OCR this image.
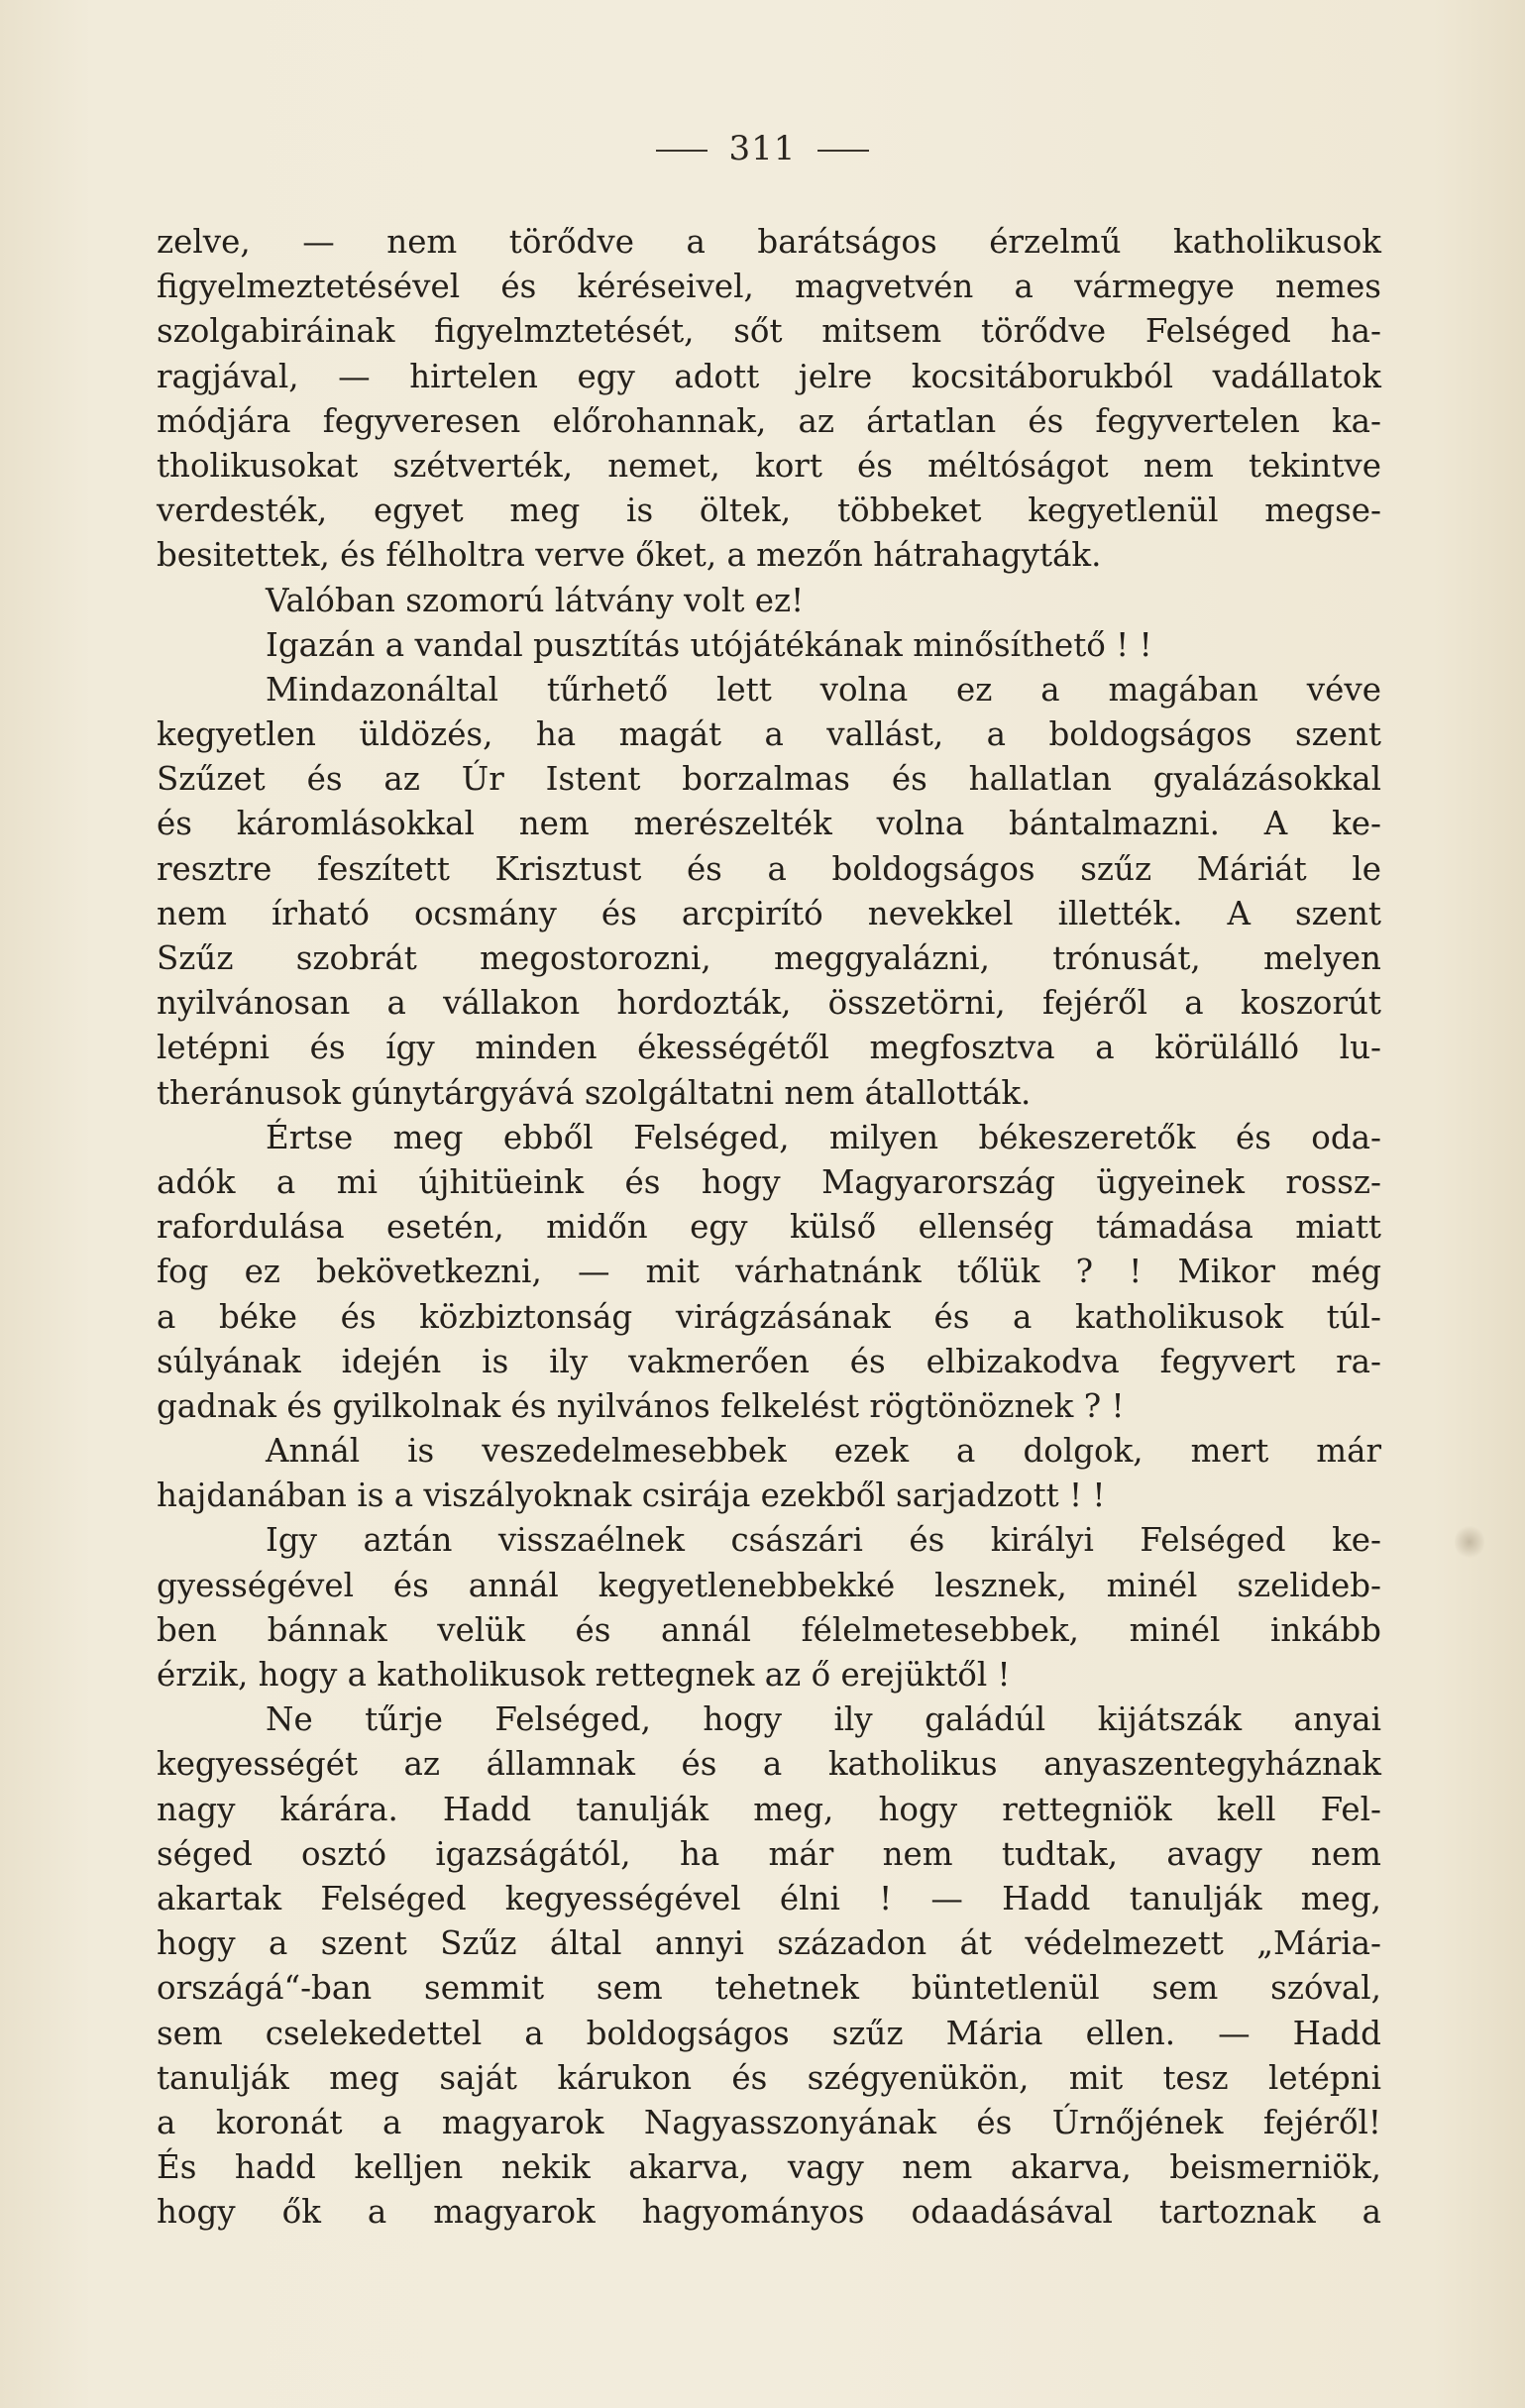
311
zelve, — nem törődve a barátságos érzelmű katholikusok
figyelmeztetésével és kéréseivel, magvetvén a vármegye nemes
szolgabiráinak figyelmztetését, sőt mitsem törődve Felséged ha-
ragjával, — hirtelen egy adott jelre kocsitáborukból vadállatok
módjára fegyveresen előrohannak, az ártatlan és fegyvertelen ka-
tholikusokat szétverték, nemet, kort és méltóságot nem tekintve
verdesték, egyet meg is öltek, többeket kegyetlenül megse-
besitettek, és félholtra verve őket, a mezőn hátrahagyták.
Valóban szomorú látvány volt ez!
Igazán a vandal pusztítás utójátékának minősíthető ! !
Mindazonáltal tűrhető lett volna ez a magában véve
kegyetlen üldözés, ha magát a vallást, a boldogságos szent
Szűzet és az Úr Istent borzalmas és hallatlan gyalázásokkal
és káromlásokkal nem merészelték volna bántalmazni. A ke-
resztre feszített Krisztust és a boldogságos szűz Máriát le
nem írható ocsmány és arcpirító nevekkel illették. A szent
Szűz szobrát megostorozni, meggyalázni, trónusát, melyen
nyilvánosan a vállakon hordozták, összetörni, fejéről a koszorút
letépni és így minden ékességétől megfosztva a körülálló lu-
theránusok gúnytárgyává szolgáltatni nem átallották.
Értse meg ebből Felséged, milyen békeszeretők és oda-
adók a mi újhitüeink és hogy Magyarország ügyeinek rossz-
rafordulása esetén, midőn egy külső ellenség támadása miatt
fog ez bekövetkezni, — mit várhatnánk tőlük ? ! Mikor még
a béke és közbiztonság virágzásának és a katholikusok túl-
súlyának idején is ily vakmerően és elbizakodva fegyvert ra-
gadnak és gyilkolnak és nyilvános felkelést rögtönöznek ? !
Annál is veszedelmesebbek ezek a dolgok, mert már
hajdanában is a viszályoknak csirája ezekből sarjadzott ! !
Igy aztán visszaélnek császári és királyi Felséged ke-
gyességével és annál kegyetlenebbekké lesznek, minél szelideb-
ben bánnak velük és annál félelmetesebbek, minél inkább
érzik, hogy a katholikusok rettegnek az ő erejüktől !
Ne tűrje Felséged, hogy ily galádúl kijátszák anyai
kegyességét az államnak és a katholikus anyaszentegyháznak
nagy kárára. Hadd tanulják meg, hogy rettegniök kell Fel-
séged osztó igazságától, ha már nem tudtak, avagy nem
akartak Felséged kegyességével élni ! — Hadd tanulják meg,
hogy a szent Szűz által annyi századon át védelmezett „Mária-
országá“-ban semmit sem tehetnek büntetlenül sem szóval,
sem cselekedettel a boldogságos szűz Mária ellen. — Hadd
tanulják meg saját kárukon és szégyenükön, mit tesz letépni
a koronát a magyarok Nagyasszonyának és Úrnőjének fejéről!
És hadd kelljen nekik akarva, vagy nem akarva, beismerniök,
hogy ők a magyarok hagyományos odaadásával tartoznak a
